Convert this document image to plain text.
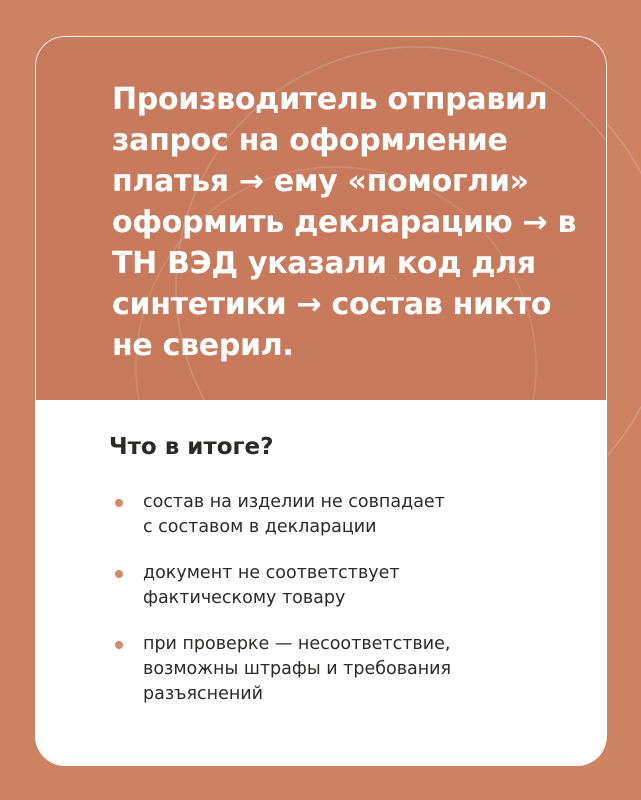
Производитель отправил запрос на оформление платья → ему «помогли» оформить декларацию → в ТН ВЭД указали код для синтетики → состав никто не сверил.

Что в итоге?
состав на изделии не совпадает
с составом в декларации
документ не соответствует
фактическому товару
при проверке — несоответствие,
возможны штрафы и требования
разъяснений
